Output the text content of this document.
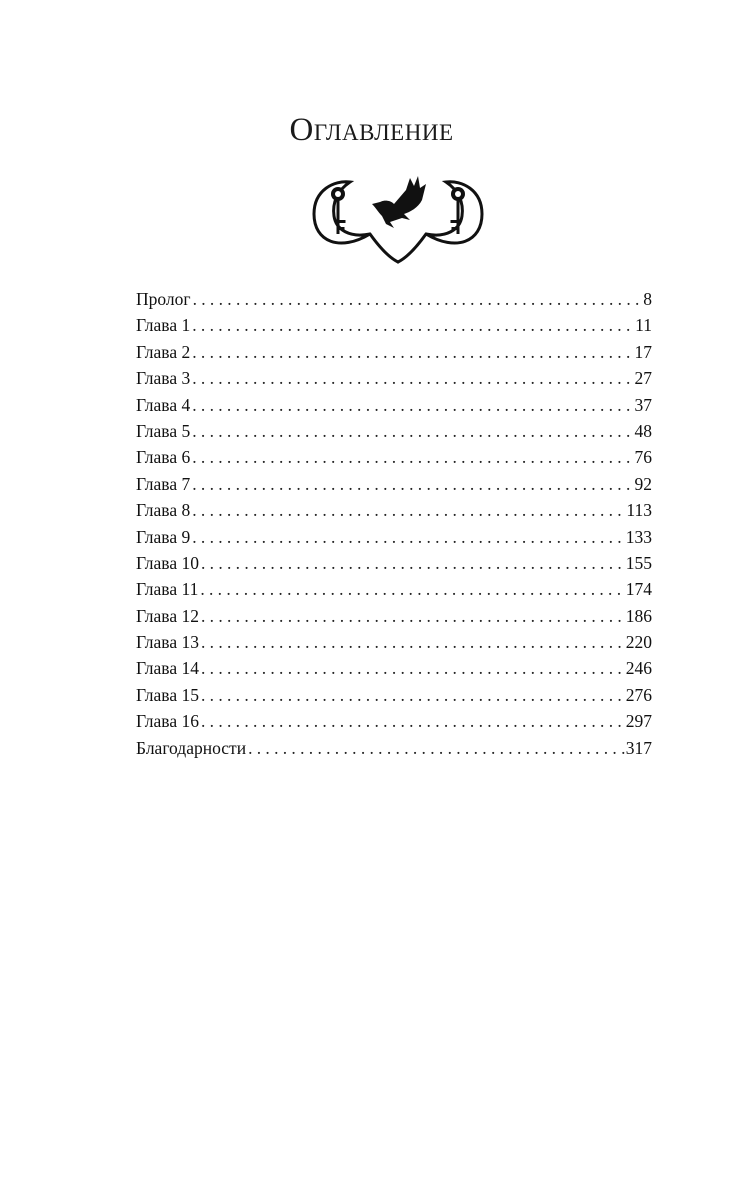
Оглавление
Пролог .....	8
Глава 1 .....	11
Глава 2 .....	17
Глава 3 .....	27
Глава 4 .....	37
Глава 5 .....	48
Глава 6 .....	76
Глава 7 .....	92
Глава 8 .....	113
Глава 9 .....	133
Глава 10 .....	155
Глава 11 .....	174
Глава 12 .....	186
Глава 13 .....	220
Глава 14 .....	246
Глава 15 .....	276
Глава 16 .....	297
Благодарности .....	317
